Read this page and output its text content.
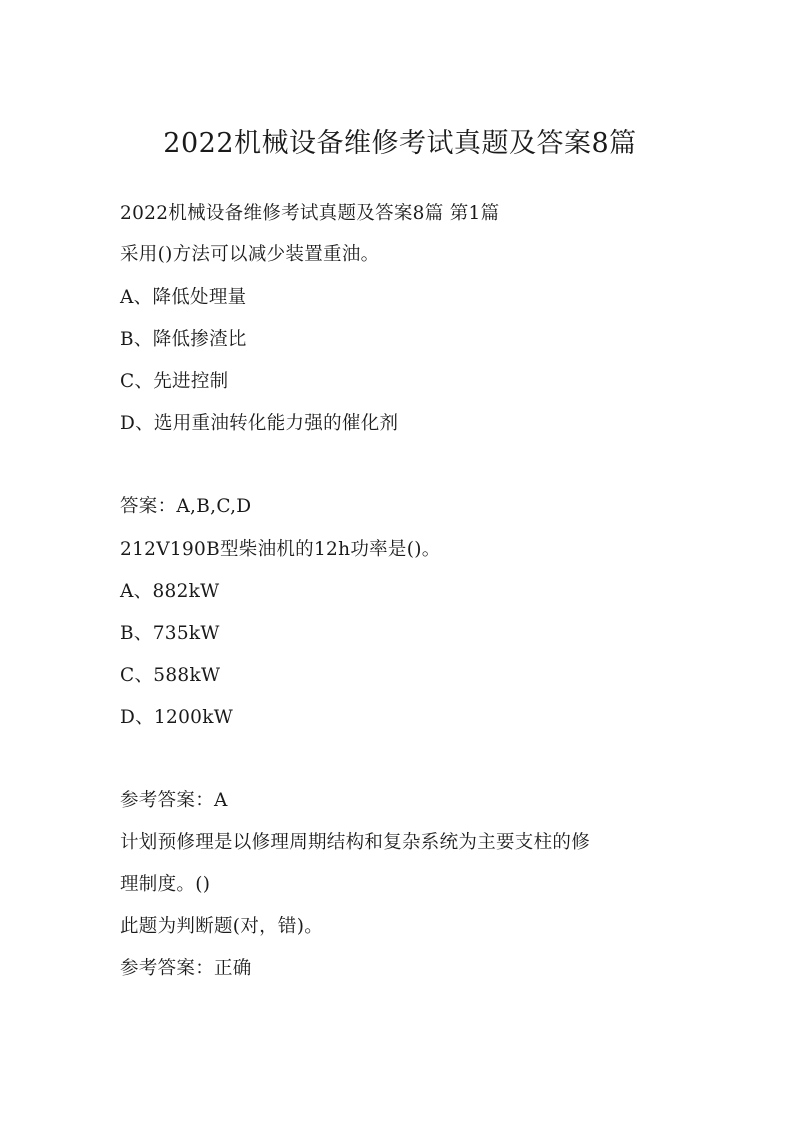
2022机械设备维修考试真题及答案8篇
2022机械设备维修考试真题及答案8篇 第1篇
采用()方法可以减少装置重油。
A、降低处理量
B、降低掺渣比
C、先进控制
D、选用重油转化能力强的催化剂
答案：A,B,C,D
212V190B型柴油机的12h功率是()。
A、882kW
B、735kW
C、588kW
D、1200kW
参考答案：A
计划预修理是以修理周期结构和复杂系统为主要支柱的修
理制度。()
此题为判断题(对，错)。
参考答案：正确
